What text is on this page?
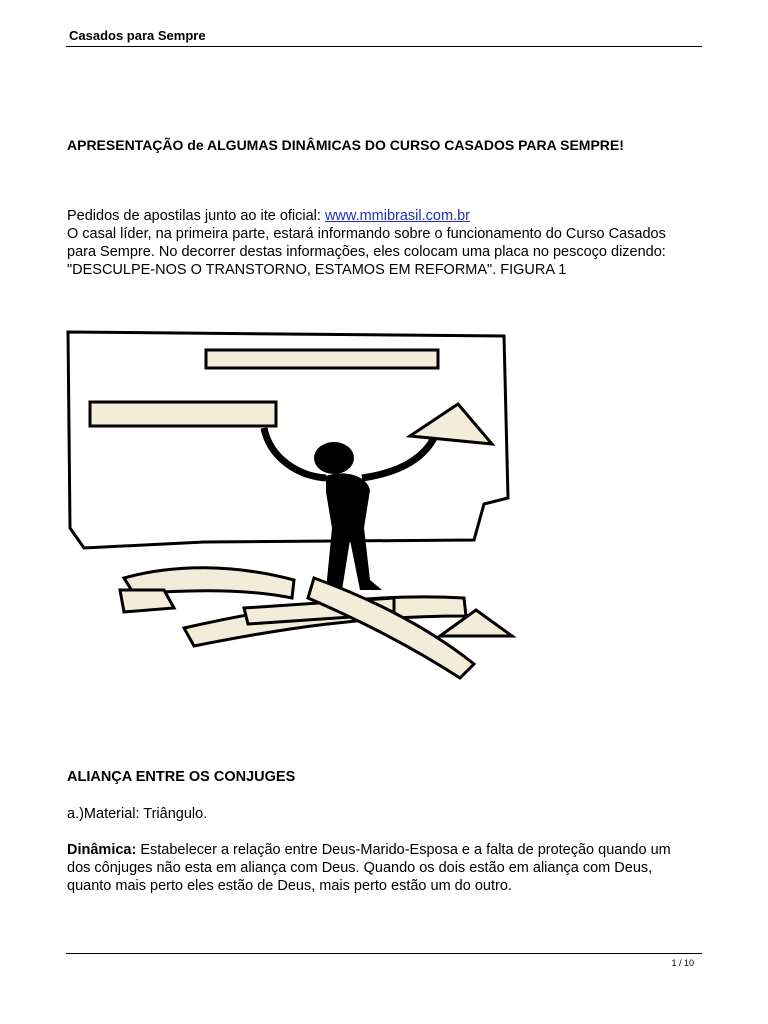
Casados para Sempre
APRESENTAÇÃO de ALGUMAS DINÂMICAS DO CURSO CASADOS PARA SEMPRE!
Pedidos de apostilas junto ao ite oficial: www.mmibrasil.com.br
O casal líder, na primeira parte, estará informando sobre o funcionamento do Curso Casados
para Sempre. No decorrer destas informações, eles colocam uma placa no pescoço dizendo:
"DESCULPE-NOS O TRANSTORNO, ESTAMOS EM REFORMA". FIGURA 1
ALIANÇA ENTRE OS CONJUGES
a.)Material: Triângulo.
Dinâmica: Estabelecer a relação entre Deus-Marido-Esposa e a falta de proteção quando um
dos cônjuges não esta em aliança com Deus. Quando os dois estão em aliança com Deus,
quanto mais perto eles estão de Deus, mais perto estão um do outro.
1 / 10
